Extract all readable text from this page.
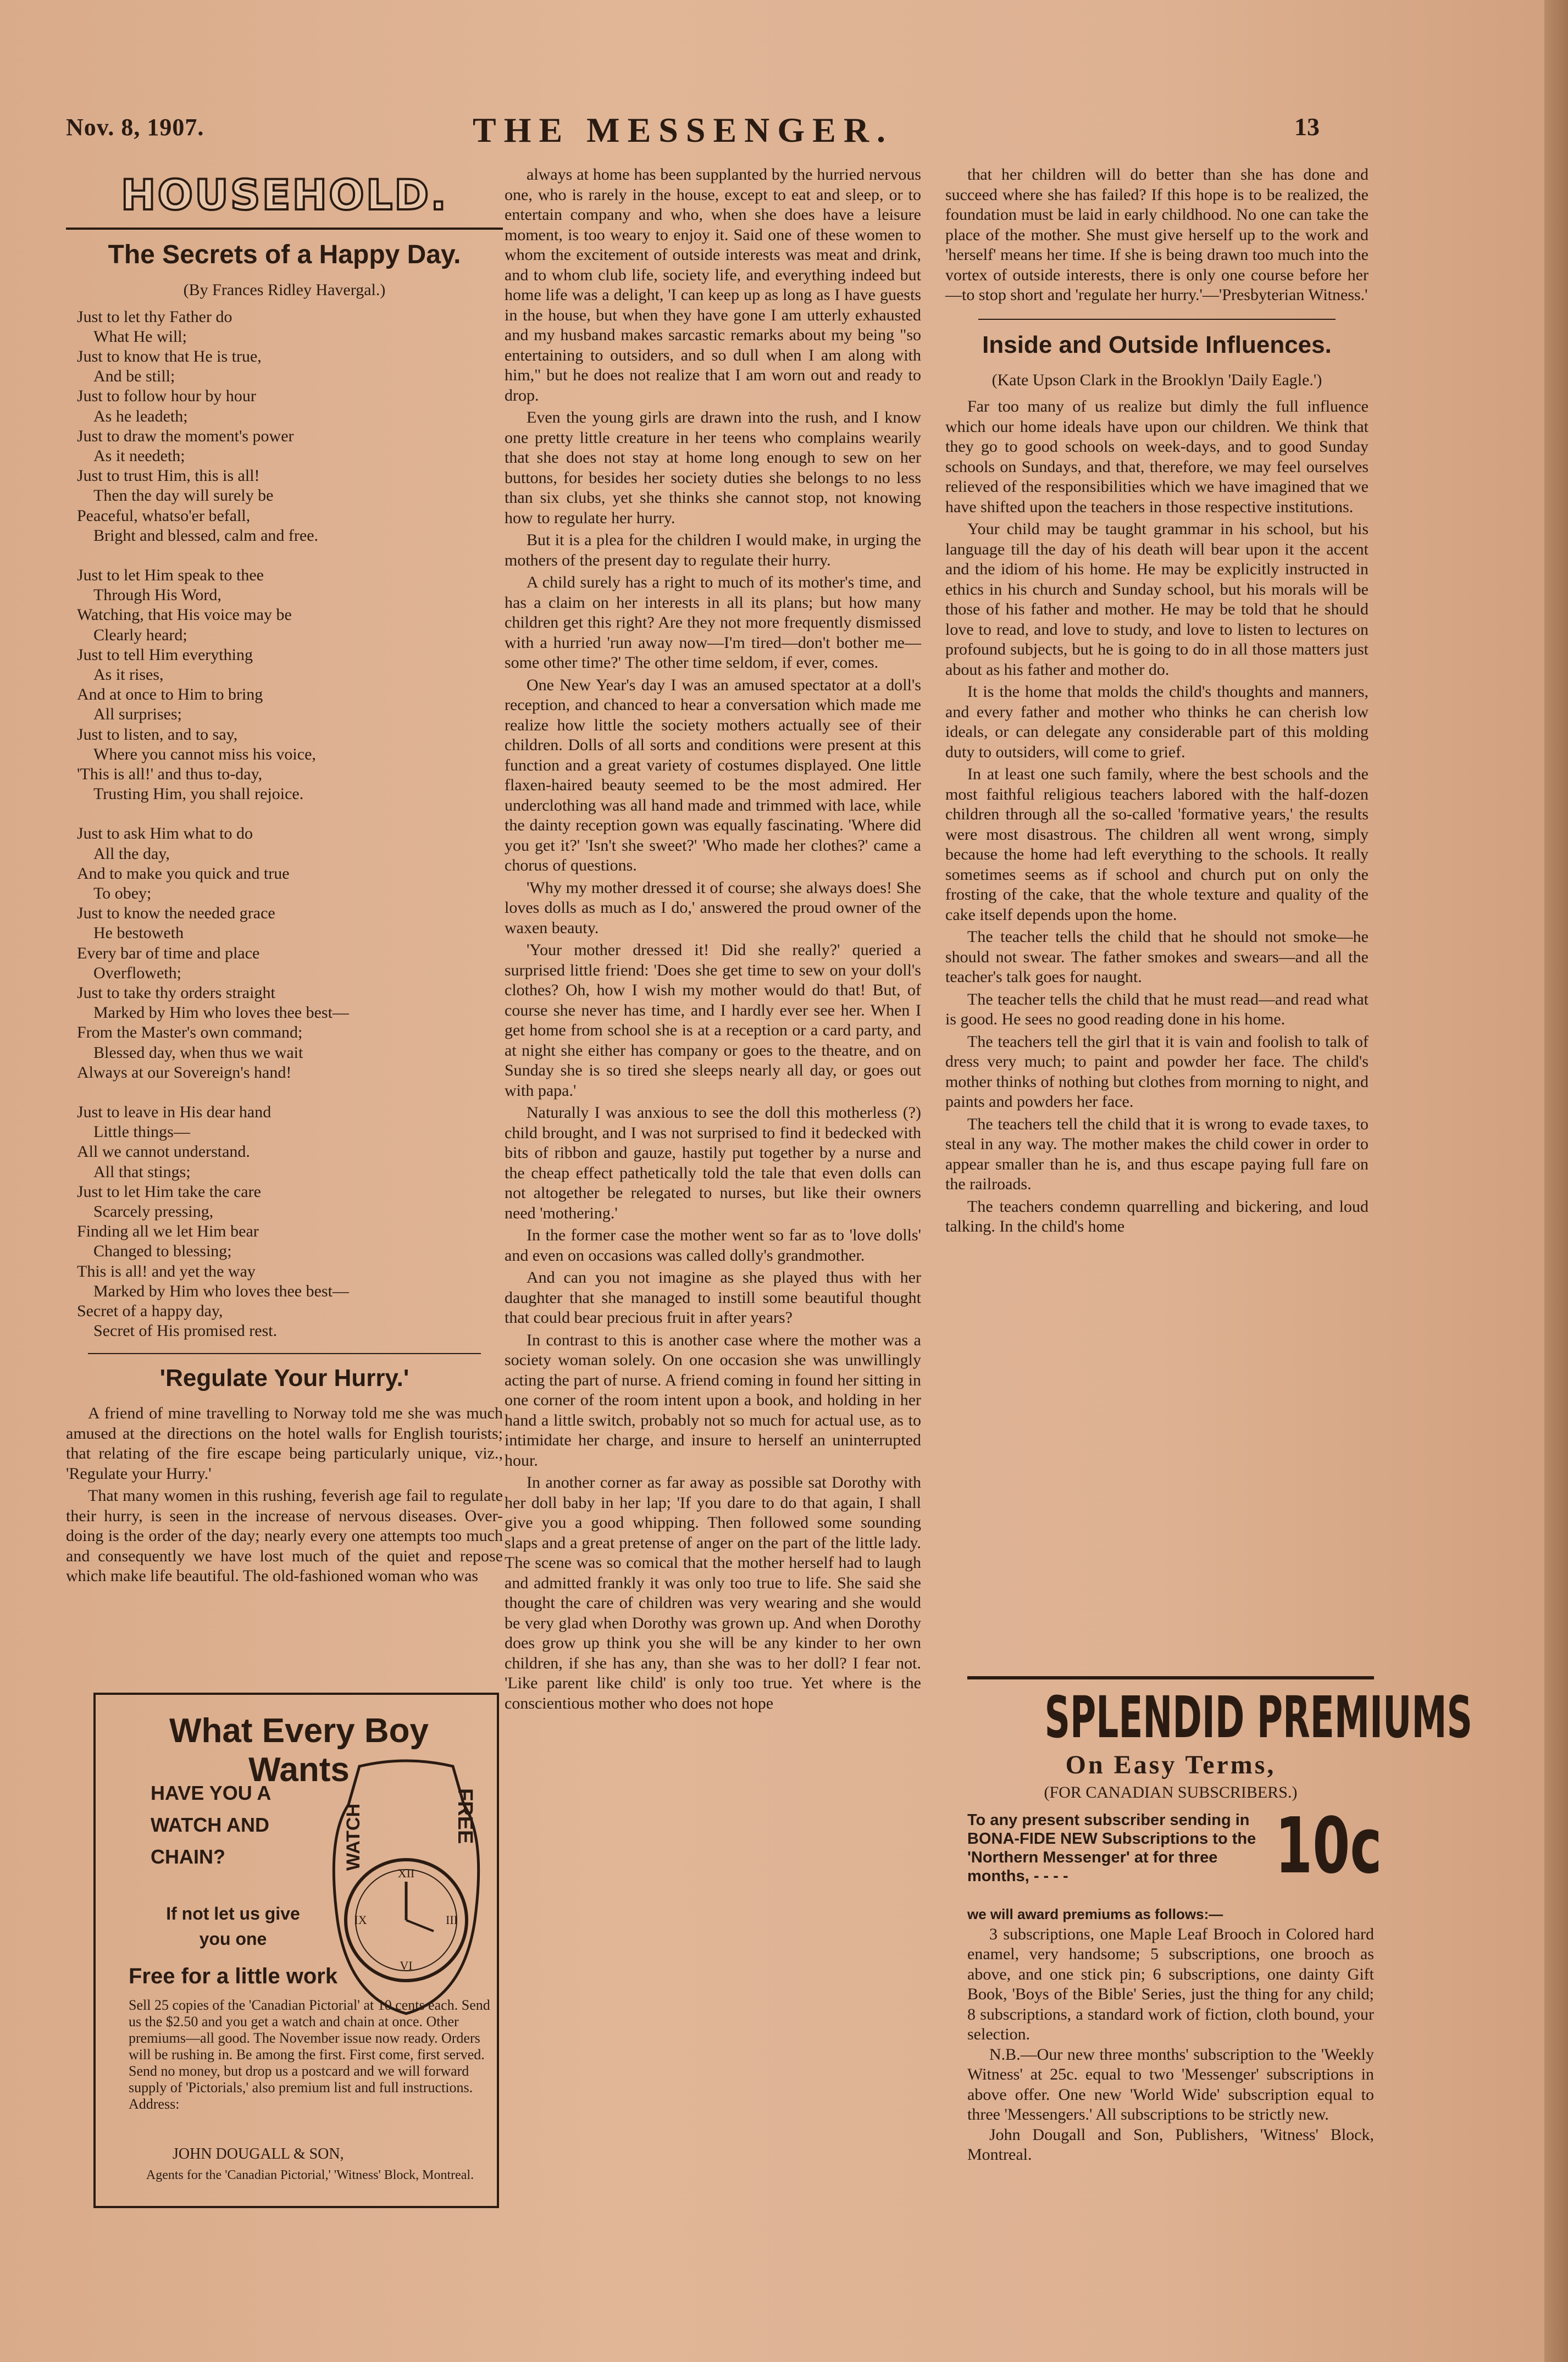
Nov. 8, 1907.	THE MESSENGER.	13
HOUSEHOLD.
The Secrets of a Happy Day.
(By Frances Ridley Havergal.)
Just to let thy Father do
What He will;
Just to know that He is true,
And be still;
Just to follow hour by hour
As he leadeth;
Just to draw the moment's power
As it needeth;
Just to trust Him, this is all!
Then the day will surely be
Peaceful, whatso'er befall,
Bright and blessed, calm and free.
Just to let Him speak to thee
Through His Word,
Watching, that His voice may be
Clearly heard;
Just to tell Him everything
As it rises,
And at once to Him to bring
All surprises;
Just to listen, and to say,
Where you cannot miss his voice,
'This is all!' and thus to-day,
Trusting Him, you shall rejoice.
Just to ask Him what to do
All the day,
And to make you quick and true
To obey;
Just to know the needed grace
He bestoweth
Every bar of time and place
Overfloweth;
Just to take thy orders straight
Marked by Him who loves thee best—
From the Master's own command;
Blessed day, when thus we wait
Always at our Sovereign's hand!
Just to leave in His dear hand
Little things—
All we cannot understand.
All that stings;
Just to let Him take the care
Scarcely pressing,
Finding all we let Him bear
Changed to blessing;
This is all! and yet the way
Marked by Him who loves thee best—
Secret of a happy day,
Secret of His promised rest.
'Regulate Your Hurry.'

A friend of mine travelling to Norway told me she was much amused at the directions on the hotel walls for English tourists; that relating of the fire escape being particularly unique, viz., 'Regulate your Hurry.'

That many women in this rushing, feverish age fail to regulate their hurry, is seen in the increase of nervous diseases. Over-doing is the order of the day; nearly every one attempts too much and consequently we have lost much of the quiet and repose which make life beautiful. The old-fashioned woman who was

always at home has been supplanted by the hurried nervous one, who is rarely in the house, except to eat and sleep, or to entertain company and who, when she does have a leisure moment, is too weary to enjoy it. Said one of these women to whom the excitement of outside interests was meat and drink, and to whom club life, society life, and everything indeed but home life was a delight, 'I can keep up as long as I have guests in the house, but when they have gone I am utterly exhausted and my husband makes sarcastic remarks about my being "so entertaining to outsiders, and so dull when I am along with him," but he does not realize that I am worn out and ready to drop.

Even the young girls are drawn into the rush, and I know one pretty little creature in her teens who complains wearily that she does not stay at home long enough to sew on her buttons, for besides her society duties she belongs to no less than six clubs, yet she thinks she cannot stop, not knowing how to regulate her hurry.

But it is a plea for the children I would make, in urging the mothers of the present day to regulate their hurry.

A child surely has a right to much of its mother's time, and has a claim on her interests in all its plans; but how many children get this right? Are they not more frequently dismissed with a hurried 'run away now—I'm tired—don't bother me—some other time?' The other time seldom, if ever, comes.

One New Year's day I was an amused spectator at a doll's reception, and chanced to hear a conversation which made me realize how little the society mothers actually see of their children. Dolls of all sorts and conditions were present at this function and a great variety of costumes displayed. One little flaxen-haired beauty seemed to be the most admired. Her underclothing was all hand made and trimmed with lace, while the dainty reception gown was equally fascinating. 'Where did you get it?' 'Isn't she sweet?' 'Who made her clothes?' came a chorus of questions.

'Why my mother dressed it of course; she always does! She loves dolls as much as I do,' answered the proud owner of the waxen beauty.

'Your mother dressed it! Did she really?' queried a surprised little friend: 'Does she get time to sew on your doll's clothes? Oh, how I wish my mother would do that! But, of course she never has time, and I hardly ever see her. When I get home from school she is at a reception or a card party, and at night she either has company or goes to the theatre, and on Sunday she is so tired she sleeps nearly all day, or goes out with papa.'

Naturally I was anxious to see the doll this motherless (?) child brought, and I was not surprised to find it bedecked with bits of ribbon and gauze, hastily put together by a nurse and the cheap effect pathetically told the tale that even dolls can not altogether be relegated to nurses, but like their owners need 'mothering.'

In the former case the mother went so far as to 'love dolls' and even on occasions was called dolly's grandmother.

And can you not imagine as she played thus with her daughter that she managed to instill some beautiful thought that could bear precious fruit in after years?

In contrast to this is another case where the mother was a society woman solely. On one occasion she was unwillingly acting the part of nurse. A friend coming in found her sitting in one corner of the room intent upon a book, and holding in her hand a little switch, probably not so much for actual use, as to intimidate her charge, and insure to herself an uninterrupted hour.

In another corner as far away as possible sat Dorothy with her doll baby in her lap; 'If you dare to do that again, I shall give you a good whipping. Then followed some sounding slaps and a great pretense of anger on the part of the little lady. The scene was so comical that the mother herself had to laugh and admitted frankly it was only too true to life. She said she thought the care of children was very wearing and she would be very glad when Dorothy was grown up. And when Dorothy does grow up think you she will be any kinder to her own children, if she has any, than she was to her doll? I fear not. 'Like parent like child' is only too true. Yet where is the conscientious mother who does not hope

that her children will do better than she has done and succeed where she has failed? If this hope is to be realized, the foundation must be laid in early childhood. No one can take the place of the mother. She must give herself up to the work and 'herself' means her time. If she is being drawn too much into the vortex of outside interests, there is only one course before her—to stop short and 'regulate her hurry.'—'Presbyterian Witness.'

Inside and Outside Influences.
(Kate Upson Clark in the Brooklyn 'Daily Eagle.')

Far too many of us realize but dimly the full influence which our home ideals have upon our children. We think that they go to good schools on week-days, and to good Sunday schools on Sundays, and that, therefore, we may feel ourselves relieved of the responsibilities which we have imagined that we have shifted upon the teachers in those respective institutions.

Your child may be taught grammar in his school, but his language till the day of his death will bear upon it the accent and the idiom of his home. He may be explicitly instructed in ethics in his church and Sunday school, but his morals will be those of his father and mother. He may be told that he should love to read, and love to study, and love to listen to lectures on profound subjects, but he is going to do in all those matters just about as his father and mother do.

It is the home that molds the child's thoughts and manners, and every father and mother who thinks he can cherish low ideals, or can delegate any considerable part of this molding duty to outsiders, will come to grief.

In at least one such family, where the best schools and the most faithful religious teachers labored with the half-dozen children through all the so-called 'formative years,' the results were most disastrous. The children all went wrong, simply because the home had left everything to the schools. It really sometimes seems as if school and church put on only the frosting of the cake, that the whole texture and quality of the cake itself depends upon the home.

The teacher tells the child that he should not smoke—he should not swear. The father smokes and swears—and all the teacher's talk goes for naught.

The teacher tells the child that he must read—and read what is good. He sees no good reading done in his home.

The teachers tell the girl that it is vain and foolish to talk of dress very much; to paint and powder her face. The child's mother thinks of nothing but clothes from morning to night, and paints and powders her face.

The teachers tell the child that it is wrong to evade taxes, to steal in any way. The mother makes the child cower in order to appear smaller than he is, and thus escape paying full fare on the railroads.

The teachers condemn quarrelling and bickering, and loud talking. In the child's home

What Every Boy Wants
HAVE YOU A WATCH AND CHAIN?
If not let us give you one
Free for a little work
XII
III
VI
IX
WATCH	FREE
Sell 25 copies of the 'Canadian Pictorial' at 10 cents each. Send us the $2.50 and you get a watch and chain at once. Other premiums—all good. The November issue now ready. Orders will be rushing in. Be among the first. First come, first served. Send no money, but drop us a postcard and we will forward supply of 'Pictorials,' also premium list and full instructions. Address:
JOHN DOUGALL & SON,
Agents for the 'Canadian Pictorial,' 'Witness' Block, Montreal.
SPLENDID PREMIUMS
On Easy Terms,
(FOR CANADIAN SUBSCRIBERS.)
To any present subscriber sending in BONA-FIDE NEW Subscriptions to the 'Northern Messenger' at for three months, - - - -	10c
we will award premiums as follows:—

3 subscriptions, one Maple Leaf Brooch in Colored hard enamel, very handsome; 5 subscriptions, one brooch as above, and one stick pin; 6 subscriptions, one dainty Gift Book, 'Boys of the Bible' Series, just the thing for any child; 8 subscriptions, a standard work of fiction, cloth bound, your selection.

N.B.—Our new three months' subscription to the 'Weekly Witness' at 25c. equal to two 'Messenger' subscriptions in above offer. One new 'World Wide' subscription equal to three 'Messengers.' All subscriptions to be strictly new.

John Dougall and Son, Publishers, 'Witness' Block, Montreal.
